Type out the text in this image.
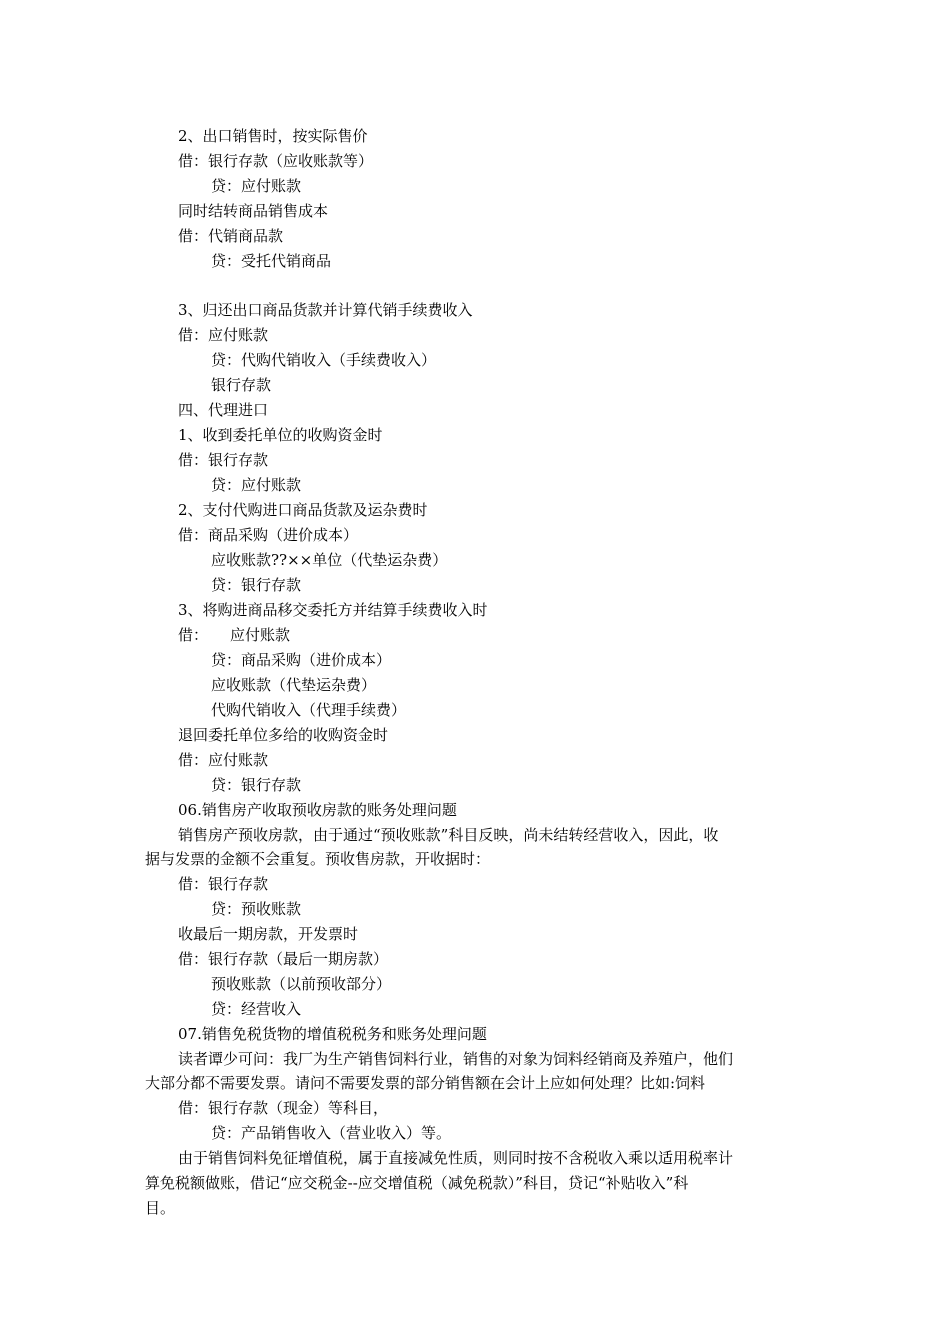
2、出口销售时，按实际售价

借：银行存款（应收账款等）

贷：应付账款

同时结转商品销售成本

借：代销商品款

贷：受托代销商品

3、归还出口商品货款并计算代销手续费收入

借：应付账款

贷：代购代销收入（手续费收入）

银行存款

四、代理进口

1、收到委托单位的收购资金时

借：银行存款

贷：应付账款

2、支付代购进口商品货款及运杂费时

借：商品采购（进价成本）

应收账款??××单位（代垫运杂费）

贷：银行存款

3、将购进商品移交委托方并结算手续费收入时

借： 应付账款

贷：商品采购（进价成本）

应收账款（代垫运杂费）

代购代销收入（代理手续费）

退回委托单位多给的收购资金时

借：应付账款

贷：银行存款

06.销售房产收取预收房款的账务处理问题

销售房产预收房款，由于通过“预收账款”科目反映，尚未结转经营收入，因此，收

据与发票的金额不会重复。预收售房款，开收据时：

借：银行存款

贷：预收账款

收最后一期房款，开发票时

借：银行存款（最后一期房款）

预收账款（以前预收部分）

贷：经营收入

07.销售免税货物的增值税税务和账务处理问题

读者谭少可问：我厂为生产销售饲料行业，销售的对象为饲料经销商及养殖户，他们

大部分都不需要发票。请问不需要发票的部分销售额在会计上应如何处理？比如:饲料

借：银行存款（现金）等科目，

贷：产品销售收入（营业收入）等。

由于销售饲料免征增值税，属于直接减免性质，则同时按不含税收入乘以适用税率计

算免税额做账，借记“应交税金--应交增值税（减免税款）”科目，贷记“补贴收入”科

目。
